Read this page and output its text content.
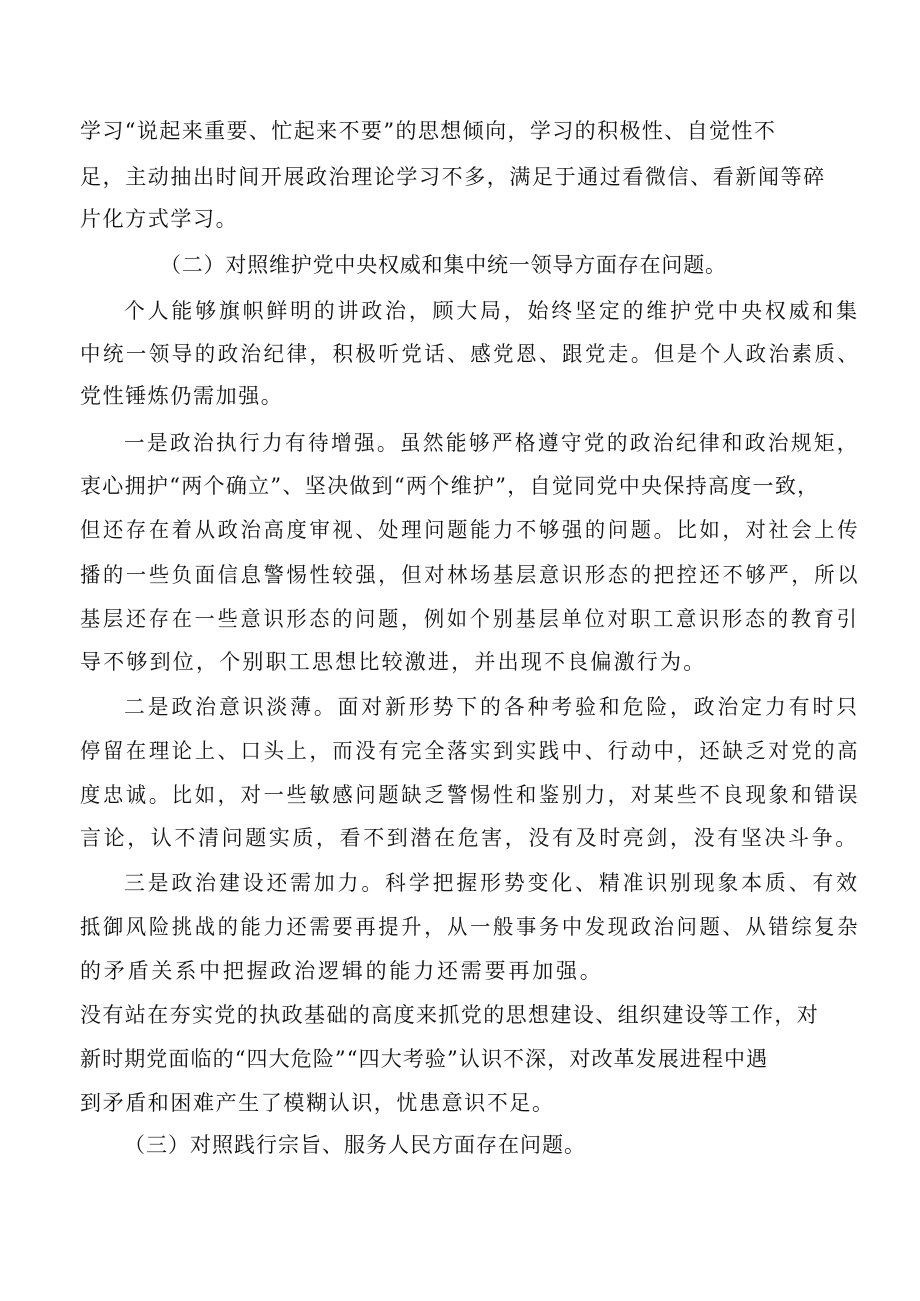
学习“说起来重要、忙起来不要”的思想倾向，学习的积极性、自觉性不
足，主动抽出时间开展政治理论学习不多，满足于通过看微信、看新闻等碎
片化方式学习。
（二）对照维护党中央权威和集中统一领导方面存在问题。
个人能够旗帜鲜明的讲政治，顾大局，始终坚定的维护党中央权威和集
中统一领导的政治纪律，积极听党话、感党恩、跟党走。但是个人政治素质、
党性锤炼仍需加强。
一是政治执行力有待增强。虽然能够严格遵守党的政治纪律和政治规矩，
衷心拥护“两个确立”、坚决做到“两个维护”，自觉同党中央保持高度一致，
但还存在着从政治高度审视、处理问题能力不够强的问题。比如，对社会上传
播的一些负面信息警惕性较强，但对林场基层意识形态的把控还不够严，所以
基层还存在一些意识形态的问题，例如个别基层单位对职工意识形态的教育引
导不够到位，个别职工思想比较激进，并出现不良偏激行为。
二是政治意识淡薄。面对新形势下的各种考验和危险，政治定力有时只
停留在理论上、口头上，而没有完全落实到实践中、行动中，还缺乏对党的高
度忠诚。比如，对一些敏感问题缺乏警惕性和鉴别力，对某些不良现象和错误
言论，认不清问题实质，看不到潜在危害，没有及时亮剑，没有坚决斗争。
三是政治建设还需加力。科学把握形势变化、精准识别现象本质、有效
抵御风险挑战的能力还需要再提升，从一般事务中发现政治问题、从错综复杂
的矛盾关系中把握政治逻辑的能力还需要再加强。
没有站在夯实党的执政基础的高度来抓党的思想建设、组织建设等工作，对
新时期党面临的“四大危险”“四大考验”认识不深，对改革发展进程中遇
到矛盾和困难产生了模糊认识，忧患意识不足。
（三）对照践行宗旨、服务人民方面存在问题。
